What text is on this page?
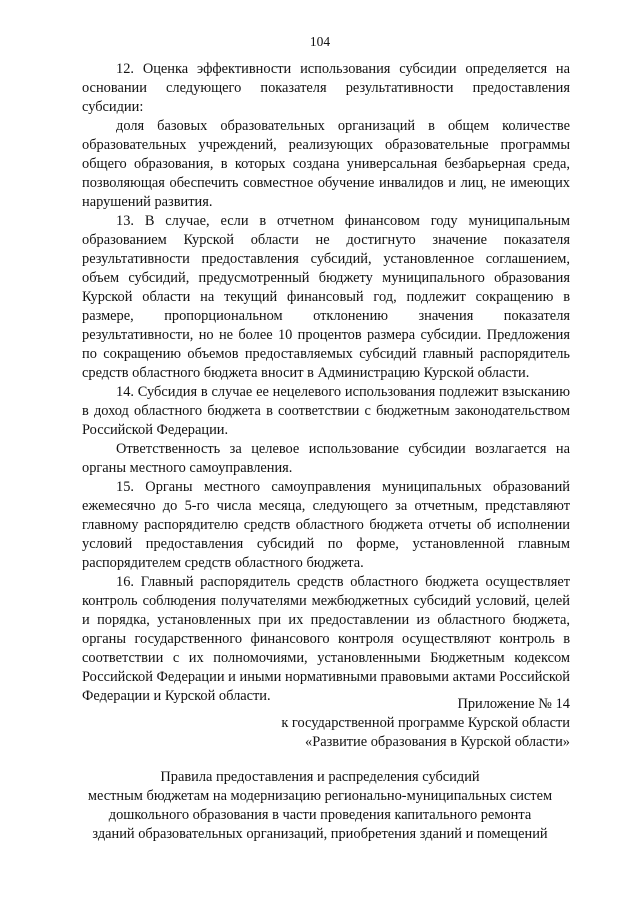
104

12. Оценка эффективности использования субсидии определяется на основании следующего показателя результативности предоставления субсидии:

доля базовых образовательных организаций в общем количестве образовательных учреждений, реализующих образовательные программы общего образования, в которых создана универсальная безбарьерная среда, позволяющая обеспечить совместное обучение инвалидов и лиц, не имеющих нарушений развития.

13. В случае, если в отчетном финансовом году муниципальным образованием Курской области не достигнуто значение показателя результативности предоставления субсидий, установленное соглашением, объем субсидий, предусмотренный бюджету муниципального образования Курской области на текущий финансовый год, подлежит сокращению в размере, пропорциональном отклонению значения показателя результативности, но не более 10 процентов размера субсидии. Предложения по сокращению объемов предоставляемых субсидий главный распорядитель средств областного бюджета вносит в Администрацию Курской области.

14. Субсидия в случае ее нецелевого использования подлежит взысканию в доход областного бюджета в соответствии с бюджетным законодательством Российской Федерации.

Ответственность за целевое использование субсидии возлагается на органы местного самоуправления.

15. Органы местного самоуправления муниципальных образований ежемесячно до 5-го числа месяца, следующего за отчетным, представляют главному распорядителю средств областного бюджета отчеты об исполнении условий предоставления субсидий по форме, установленной главным распорядителем средств областного бюджета.

16. Главный распорядитель средств областного бюджета осуществляет контроль соблюдения получателями межбюджетных субсидий условий, целей и порядка, установленных при их предоставлении из областного бюджета, органы государственного финансового контроля осуществляют контроль в соответствии с их полномочиями, установленными Бюджетным кодексом Российской Федерации и иными нормативными правовыми актами Российской Федерации и Курской области.	Приложение № 14
к государственной программе Курской области
«Развитие образования в Курской области»
Правила предоставления и распределения субсидий
местным бюджетам на модернизацию регионально-муниципальных систем
дошкольного образования в части проведения капитального ремонта
зданий образовательных организаций, приобретения зданий и помещений
